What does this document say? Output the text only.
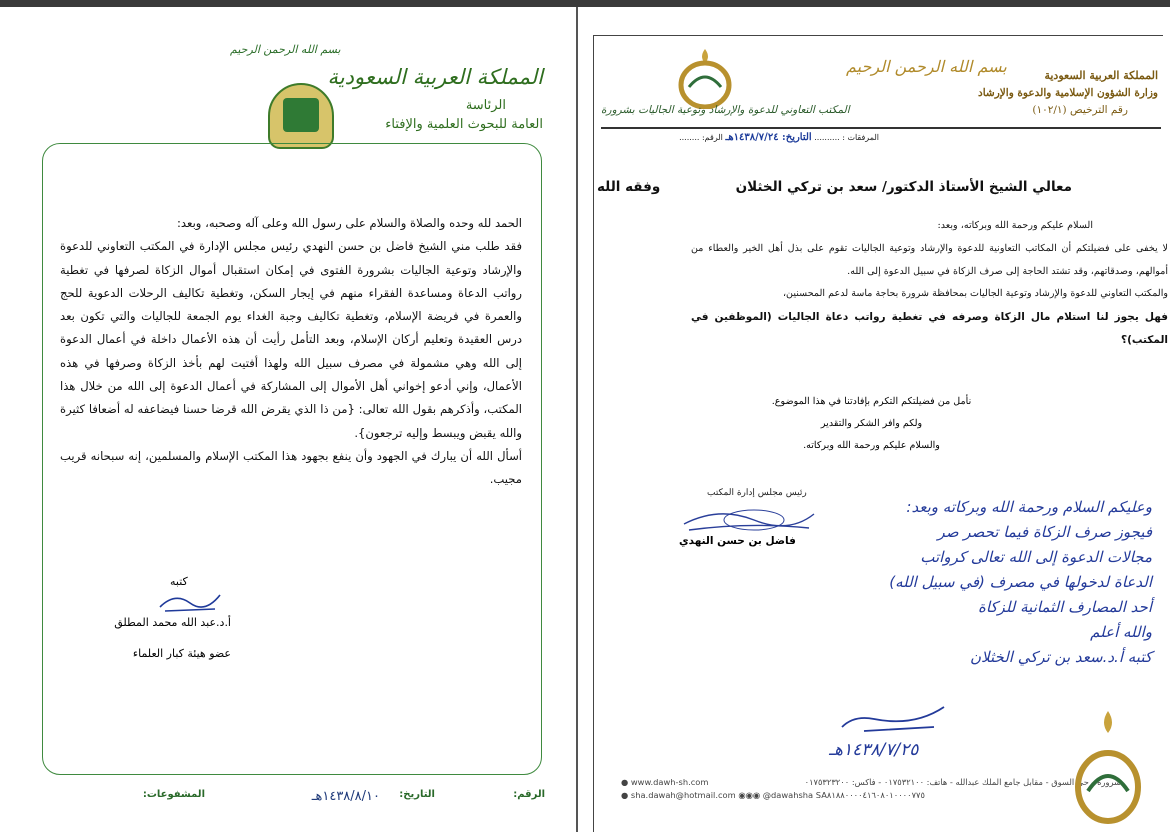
بسم الله الرحمن الرحيم
المملكة العربية السعودية
الرئاسة
العامة للبحوث العلمية والإفتاء

الحمد لله وحده والصلاة والسلام على رسول الله وعلى آله وصحبه، وبعد:

فقد طلب مني الشيخ فاضل بن حسن النهدي رئيس مجلس الإدارة في المكتب التعاوني للدعوة والإرشاد وتوعية الجاليات بشرورة الفتوى في إمكان استقبال أموال الزكاة لصرفها في تغطية رواتب الدعاة ومساعدة الفقراء منهم في إيجار السكن، وتغطية تكاليف الرحلات الدعوية للحج والعمرة في فريضة الإسلام، وتغطية تكاليف وجبة الغداء يوم الجمعة للجاليات والتي تكون بعد درس العقيدة وتعليم أركان الإسلام، وبعد التأمل رأيت أن هذه الأعمال داخلة في أعمال الدعوة إلى الله وهي مشمولة في مصرف سبيل الله ولهذا أفتيت لهم بأخذ الزكاة وصرفها في هذه الأعمال، وإني أدعو إخواني أهل الأموال إلى المشاركة في أعمال الدعوة إلى الله من خلال هذا المكتب، وأذكرهم بقول الله تعالى: {من ذا الذي يقرض الله قرضا حسنا فيضاعفه له أضعافا كثيرة والله يقبض ويبسط وإليه ترجعون}.

أسأل الله أن يبارك في الجهود وأن ينفع بجهود هذا المكتب الإسلام والمسلمين، إنه سبحانه قريب مجيب.

كتبه
أ.د.عبد الله محمد المطلق
عضو هيئة كبار العلماء
الرقم:
التاريخ:
١٤٣٨/٨/١٠هـ
المشفوعات:
المملكة العربية السعودية
وزارة الشؤون الإسلامية والدعوة والإرشاد
رقم الترخيص (١٠٢/١)
بسم الله الرحمن الرحيم
المكتب التعاوني للدعوة والإرشاد وتوعية الجاليات بشرورة
المرفقات : .......... التاريخ: ١٤٣٨/٧/٢٤هـ الرقم: ........
معالي الشيخ الأستاذ الدكتور/ سعد بن تركي الخثلان
وفقه الله

السلام عليكم ورحمة الله وبركاته، وبعد:

لا يخفى على فضيلتكم أن المكاتب التعاونية للدعوة والإرشاد وتوعية الجاليات تقوم على بذل أهل الخير والعطاء من أموالهم، وصدقاتهم، وقد تشتد الحاجة إلى صرف الزكاة في سبيل الدعوة إلى الله.

والمكتب التعاوني للدعوة والإرشاد وتوعية الجاليات بمحافظة شرورة بحاجة ماسة لدعم المحسنين،

فهل يجوز لنا استلام مال الزكاة وصرفه في تغطية رواتب دعاة الجاليات (الموظفين في المكتب)؟

نأمل من فضيلتكم التكرم بإفادتنا في هذا الموضوع.
ولكم وافر الشكر والتقدير
والسلام عليكم ورحمة الله وبركاته.
رئيس مجلس إدارة المكتب
فاضل بن حسن النهدي
وعليكم السلام ورحمة الله وبركاته وبعد:
فيجوز صرف الزكاة فيما تحصر صر
مجالات الدعوة إلى الله تعالى كرواتب
الدعاة لدخولها في مصرف (في سبيل الله)
أحد المصارف الثمانية للزكاة
والله أعلم
كتبه أ.د.سعد بن تركي الخثلان
١٤٣٨/٧/٢٥هـ
شرورة - حي السوق - مقابل جامع الملك عبدالله - هاتف: ٠١٧٥٣٢١٠٠ - فاكس: ٠١٧٥٣٢٣٢٠٠
● www.dawh-sh.com
● sha.dawah@hotmail.com ◉◉◉ @dawahsha SA٨١٨٨٠٠٠٠٤١٦٠٨٠١٠٠٠٠٧٧٥
